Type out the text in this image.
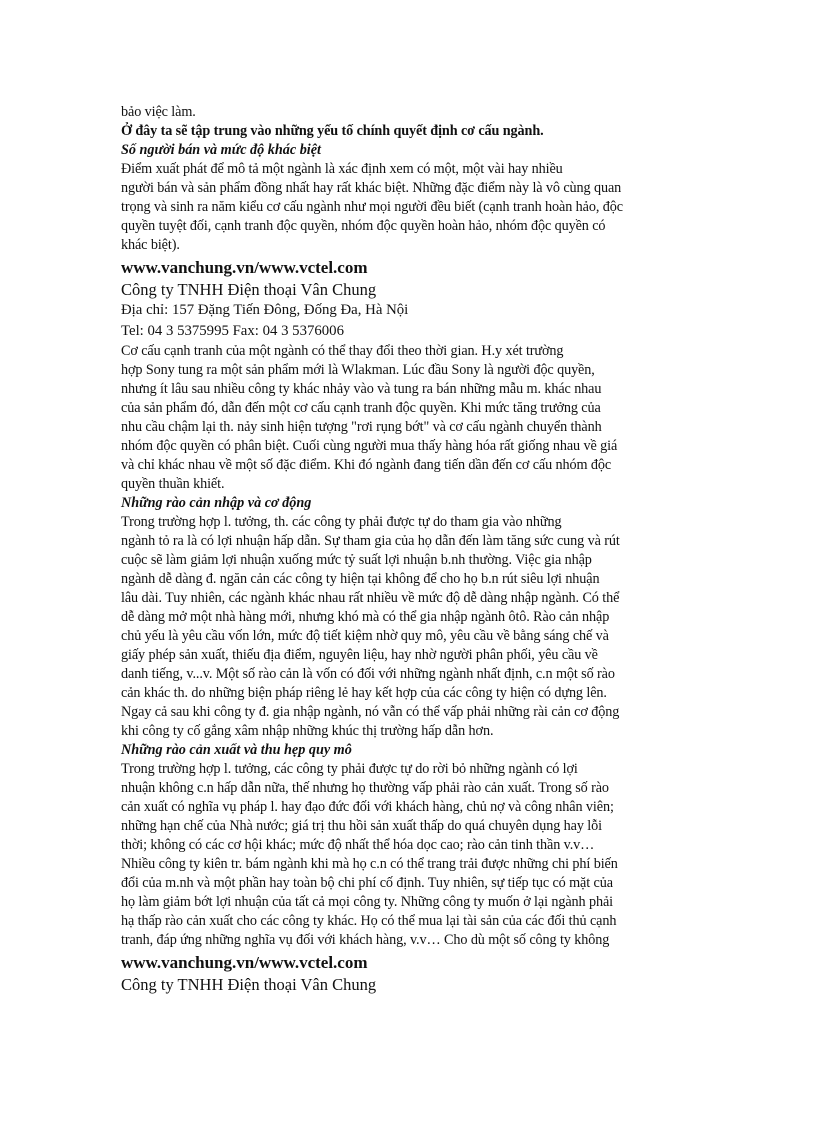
bảo việc làm.
Ở đây ta sẽ tập trung vào những yếu tố chính quyết định cơ cấu ngành.
Số người bán và mức độ khác biệt
Điểm xuất phát để mô tả một ngành là xác định xem có một, một vài hay nhiều
người bán và sản phẩm đồng nhất hay rất khác biệt. Những đặc điểm này là vô cùng quan
trọng và sinh ra năm kiểu cơ cấu ngành như mọi người đều biết (cạnh tranh hoàn hảo, độc
quyền tuyệt đối, cạnh tranh độc quyền, nhóm độc quyền hoàn hảo, nhóm độc quyền có
khác biệt).
www.vanchung.vn/www.vctel.com
Công ty TNHH Điện thoại Vân Chung
Địa chỉ: 157 Đặng Tiến Đông, Đống Đa, Hà Nội
Tel: 04 3 5375995 Fax: 04 3 5376006
Cơ cấu cạnh tranh của một ngành có thể thay đổi theo thời gian. H.y xét trường
hợp Sony tung ra một sản phẩm mới là Wlakman. Lúc đầu Sony là người độc quyền,
nhưng ít lâu sau nhiều công ty khác nhảy vào và tung ra bán những mẫu m. khác nhau
của sản phẩm đó, dẫn đến một cơ cấu cạnh tranh độc quyền. Khi mức tăng trưởng của
nhu cầu chậm lại th. nảy sinh hiện tượng "rơi rụng bớt" và cơ cấu ngành chuyển thành
nhóm độc quyền có phân biệt. Cuối cùng người mua thấy hàng hóa rất giống nhau về giá
và chỉ khác nhau về một số đặc điểm. Khi đó ngành đang tiến dần đến cơ cấu nhóm độc
quyền thuần khiết.
Những rào cản nhập và cơ động
Trong trường hợp l. tưởng, th. các công ty phải được tự do tham gia vào những
ngành tỏ ra là có lợi nhuận hấp dẫn. Sự tham gia của họ dẫn đến làm tăng sức cung và rút
cuộc sẽ làm giảm lợi nhuận xuống mức tỷ suất lợi nhuận b.nh thường. Việc gia nhập
ngành dễ dàng đ. ngăn cản các công ty hiện tại không để cho họ b.n rút siêu lợi nhuận
lâu dài. Tuy nhiên, các ngành khác nhau rất nhiều về mức độ dễ dàng nhập ngành. Có thể
dễ dàng mở một nhà hàng mới, nhưng khó mà có thể gia nhập ngành ôtô. Rào cản nhập
chủ yếu là yêu cầu vốn lớn, mức độ tiết kiệm nhờ quy mô, yêu cầu về bằng sáng chế và
giấy phép sản xuất, thiếu địa điểm, nguyên liệu, hay nhờ người phân phối, yêu cầu về
danh tiếng, v...v. Một số rào cản là vốn có đối với những ngành nhất định, c.n một số rào
cản khác th. do những biện pháp riêng lẻ hay kết hợp của các công ty hiện có dựng lên.
Ngay cả sau khi công ty đ. gia nhập ngành, nó vẫn có thể vấp phải những rài cản cơ động
khi công ty cố gắng xâm nhập những khúc thị trường hấp dẫn hơn.
Những rào cản xuất và thu hẹp quy mô
Trong trường hợp l. tưởng, các công ty phải được tự do rời bỏ những ngành có lợi
nhuận không c.n hấp dẫn nữa, thế nhưng họ thường vấp phải rào cản xuất. Trong số rào
cản xuất có nghĩa vụ pháp l. hay đạo đức đối với khách hàng, chủ nợ và công nhân viên;
những hạn chế của Nhà nước; giá trị thu hồi sản xuất thấp do quá chuyên dụng hay lỗi
thời; không có các cơ hội khác; mức độ nhất thể hóa dọc cao; rào cản tinh thần v.v…
Nhiều công ty kiên tr. bám ngành khi mà họ c.n có thể trang trải được những chi phí biến
đổi của m.nh và một phần hay toàn bộ chi phí cố định. Tuy nhiên, sự tiếp tục có mặt của
họ làm giảm bớt lợi nhuận của tất cả mọi công ty. Những công ty muốn ở lại ngành phải
hạ thấp rào cản xuất cho các công ty khác. Họ có thể mua lại tài sản của các đối thủ cạnh
tranh, đáp ứng những nghĩa vụ đối với khách hàng, v.v… Cho dù một số công ty không
www.vanchung.vn/www.vctel.com
Công ty TNHH Điện thoại Vân Chung
